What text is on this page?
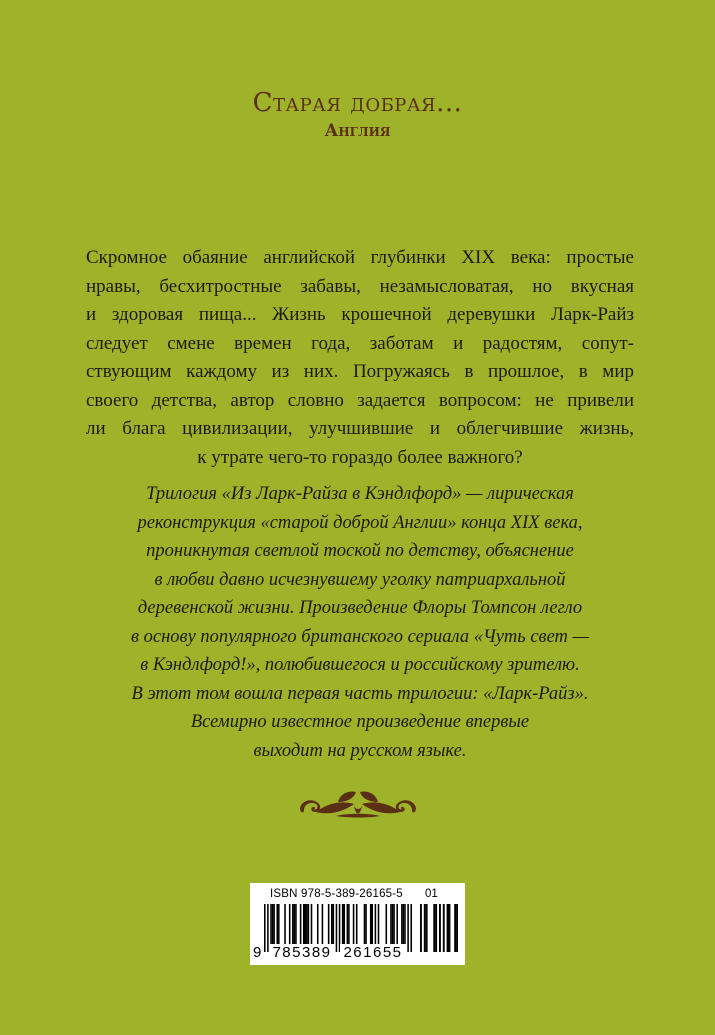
Старая добрая...
Англия
Скромное обаяние английской глубинки XIX века: простые
нравы, бесхитростные забавы, незамысловатая, но вкусная
и здоровая пища... Жизнь крошечной деревушки Ларк-Райз
следует смене времен года, заботам и радостям, сопут-
ствующим каждому из них. Погружаясь в прошлое, в мир
своего детства, автор словно задается вопросом: не привели
ли блага цивилизации, улучшившие и облегчившие жизнь,
к утрате чего-то гораздо более важного?
Трилогия «Из Ларк-Райза в Кэндлфорд» — лирическая
реконструкция «старой доброй Англии» конца XIX века,
проникнутая светлой тоской по детству, объяснение
в любви давно исчезнувшему уголку патриархальной
деревенской жизни. Произведение Флоры Томпсон легло
в основу популярного британского сериала «Чуть свет —
в Кэндлфорд!», полюбившегося и российскому зрителю.
В этот том вошла первая часть трилогии: «Ларк-Райз».
Всемирно известное произведение впервые
выходит на русском языке.
ISBN 978-5-389-26165-5 01
9 785389 261655
